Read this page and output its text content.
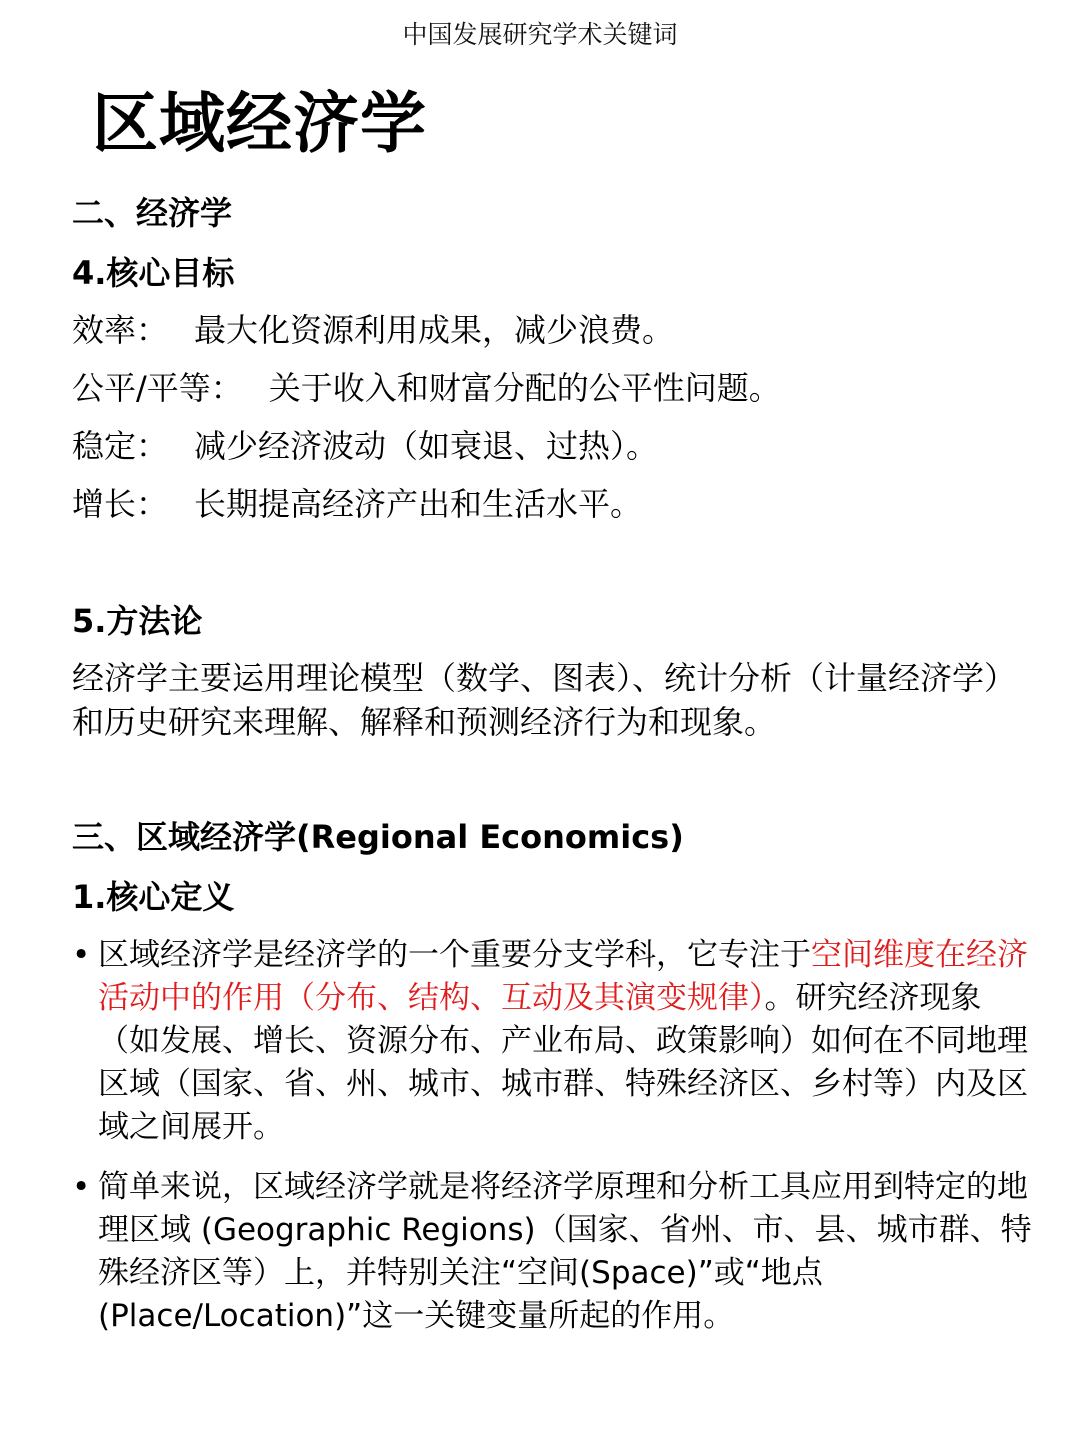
中国发展研究学术关键词
区域经济学
二、经济学
4.核心目标
效率： 最大化资源利用成果，减少浪费。
公平/平等： 关于收入和财富分配的公平性问题。
稳定： 减少经济波动（如衰退、过热）。
增长： 长期提高经济产出和生活水平。
5.方法论
经济学主要运用理论模型（数学、图表）、统计分析（计量经济学）和历史研究来理解、解释和预测经济行为和现象。
三、区域经济学(Regional Economics)
1.核心定义
• 区域经济学是经济学的一个重要分支学科，它专注于空间维度在经济活动中的作用（分布、结构、互动及其演变规律）。研究经济现象（如发展、增长、资源分布、产业布局、政策影响）如何在不同地理区域（国家、省、州、城市、城市群、特殊经济区、乡村等）内及区域之间展开。
• 简单来说，区域经济学就是将经济学原理和分析工具应用到特定的地理区域 (Geographic Regions)（国家、省州、市、县、城市群、特殊经济区等）上，并特别关注“空间(Space)”或“地点 (Place/Location)”这一关键变量所起的作用。
